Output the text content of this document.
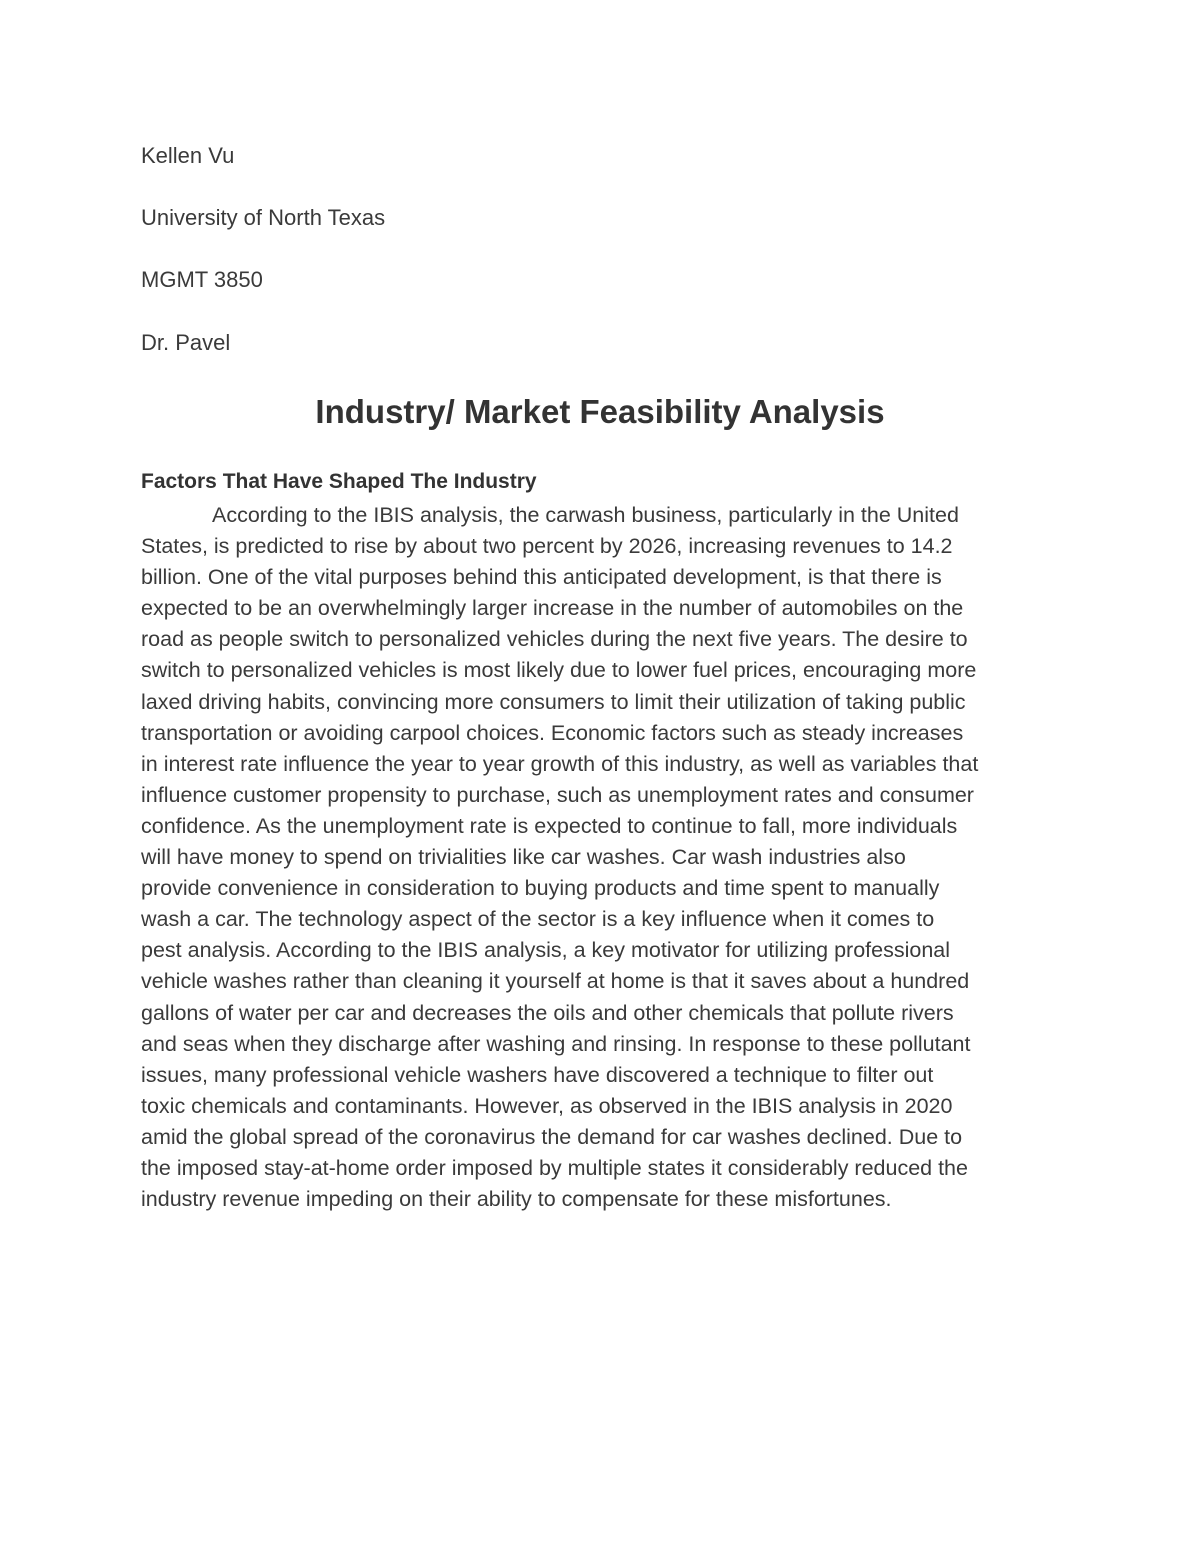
Kellen Vu
University of North Texas
MGMT 3850
Dr. Pavel
Industry/ Market Feasibility Analysis
Factors That Have Shaped The Industry
According to the IBIS analysis, the carwash business, particularly in the United
States, is predicted to rise by about two percent by 2026, increasing revenues to 14.2
billion. One of the vital purposes behind this anticipated development, is that there is
expected to be an overwhelmingly larger increase in the number of automobiles on the
road as people switch to personalized vehicles during the next five years. The desire to
switch to personalized vehicles is most likely due to lower fuel prices, encouraging more
laxed driving habits, convincing more consumers to limit their utilization of taking public
transportation or avoiding carpool choices. Economic factors such as steady increases
in interest rate influence the year to year growth of this industry, as well as variables that
influence customer propensity to purchase, such as unemployment rates and consumer
confidence. As the unemployment rate is expected to continue to fall, more individuals
will have money to spend on trivialities like car washes. Car wash industries also
provide convenience in consideration to buying products and time spent to manually
wash a car. The technology aspect of the sector is a key influence when it comes to
pest analysis. According to the IBIS analysis, a key motivator for utilizing professional
vehicle washes rather than cleaning it yourself at home is that it saves about a hundred
gallons of water per car and decreases the oils and other chemicals that pollute rivers
and seas when they discharge after washing and rinsing. In response to these pollutant
issues, many professional vehicle washers have discovered a technique to filter out
toxic chemicals and contaminants. However, as observed in the IBIS analysis in 2020
amid the global spread of the coronavirus the demand for car washes declined. Due to
the imposed stay-at-home order imposed by multiple states it considerably reduced the
industry revenue impeding on their ability to compensate for these misfortunes.
